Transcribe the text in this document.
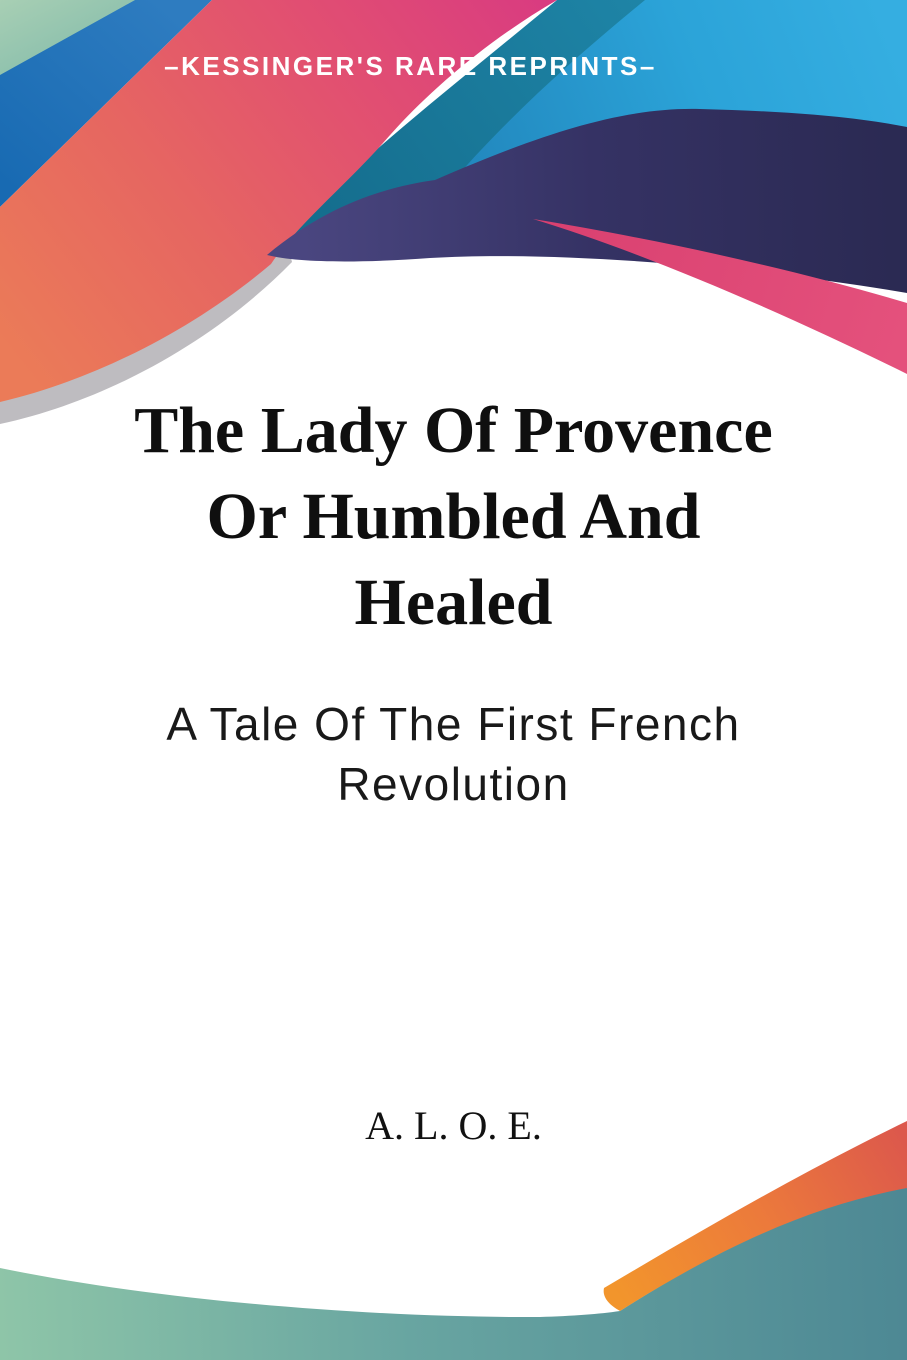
–KESSINGER'S RARE REPRINTS–
The Lady Of Provence
Or Humbled And
Healed
A Tale Of The First French
Revolution
A. L. O. E.
